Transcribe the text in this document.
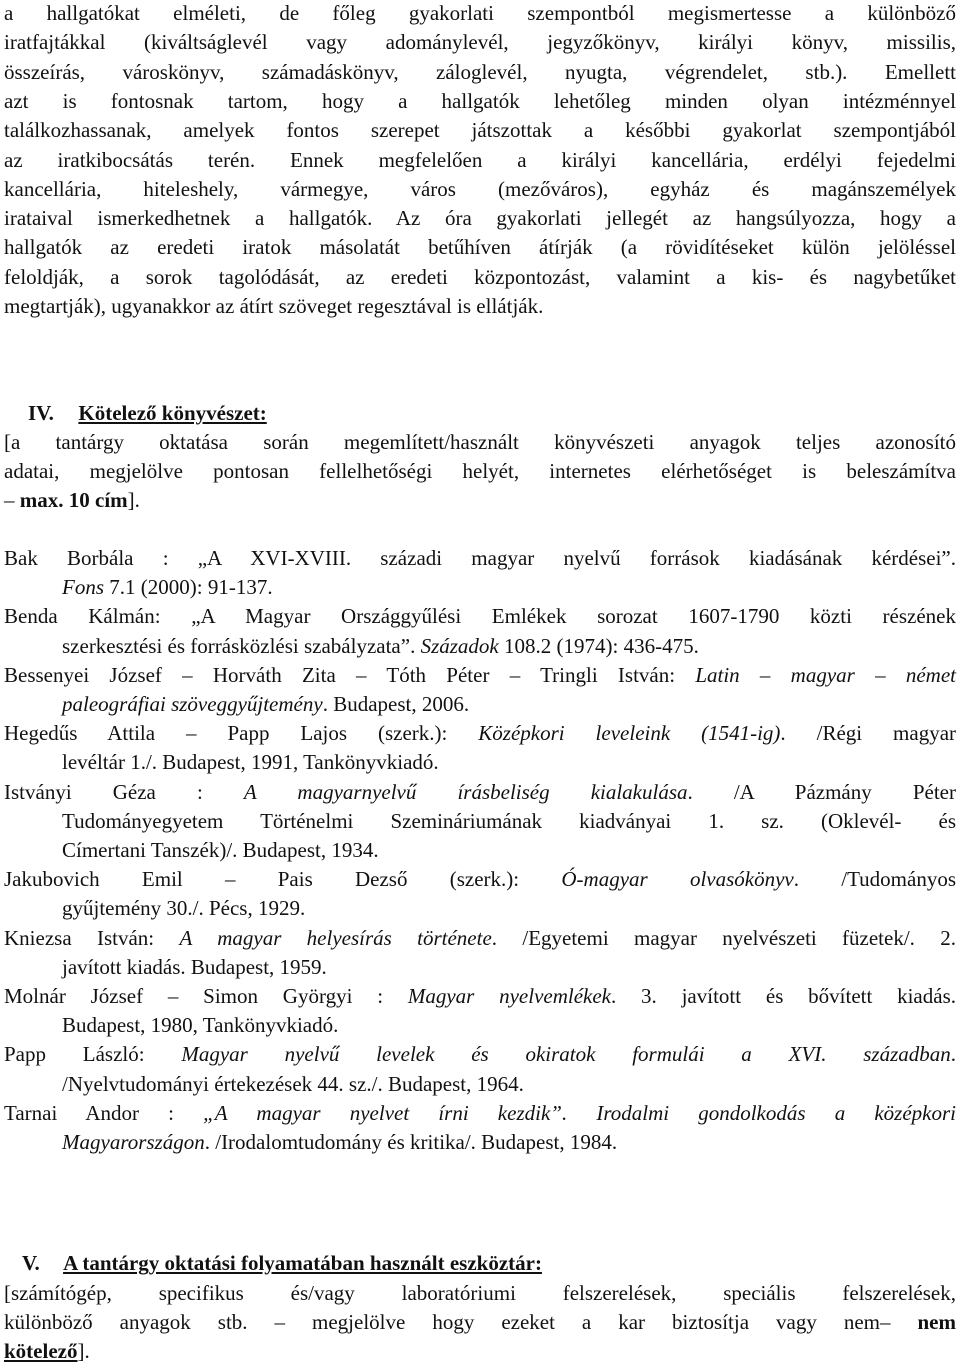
a hallgatókat elméleti, de főleg gyakorlati szempontból megismertesse a különböző
iratfajtákkal (kiváltságlevél vagy adománylevél, jegyzőkönyv, királyi könyv, missilis,
összeírás, városkönyv, számadáskönyv, záloglevél, nyugta, végrendelet, stb.). Emellett
azt is fontosnak tartom, hogy a hallgatók lehetőleg minden olyan intézménnyel
találkozhassanak, amelyek fontos szerepet játszottak a későbbi gyakorlat szempontjából
az iratkibocsátás terén. Ennek megfelelően a királyi kancellária, erdélyi fejedelmi
kancellária, hiteleshely, vármegye, város (mezőváros), egyház és magánszemélyek
irataival ismerkedhetnek a hallgatók. Az óra gyakorlati jellegét az hangsúlyozza, hogy a
hallgatók az eredeti iratok másolatát betűhíven átírják (a rövidítéseket külön jelöléssel
feloldják, a sorok tagolódását, az eredeti központozást, valamint a kis- és nagybetűket
megtartják), ugyanakkor az átírt szöveget regesztával is ellátják.
IV. Kötelező könyvészet:
[a tantárgy oktatása során megemlített/használt könyvészeti anyagok teljes azonosító
adatai, megjelölve pontosan fellelhetőségi helyét, internetes elérhetőséget is beleszámítva
– max. 10 cím].
Bak Borbála : „A XVI-XVIII. századi magyar nyelvű források kiadásának kérdései”.
Fons 7.1 (2000): 91-137.
Benda Kálmán: „A Magyar Országgyűlési Emlékek sorozat 1607-1790 közti részének
szerkesztési és forrásközlési szabályzata”. Századok 108.2 (1974): 436-475.
Bessenyei József – Horváth Zita – Tóth Péter – Tringli István: Latin – magyar – német
paleográfiai szöveggyűjtemény. Budapest, 2006.
Hegedűs Attila – Papp Lajos (szerk.): Középkori leveleink (1541-ig). /Régi magyar
levéltár 1./. Budapest, 1991, Tankönyvkiadó.
Istványi Géza : A magyarnyelvű írásbeliség kialakulása. /A Pázmány Péter
Tudományegyetem Történelmi Szemináriumának kiadványai 1. sz. (Oklevél- és
Címertani Tanszék)/. Budapest, 1934.
Jakubovich Emil – Pais Dezső (szerk.): Ó-magyar olvasókönyv. /Tudományos
gyűjtemény 30./. Pécs, 1929.
Kniezsa István: A magyar helyesírás története. /Egyetemi magyar nyelvészeti füzetek/. 2.
javított kiadás. Budapest, 1959.
Molnár József – Simon Györgyi : Magyar nyelvemlékek. 3. javított és bővített kiadás.
Budapest, 1980, Tankönyvkiadó.
Papp László: Magyar nyelvű levelek és okiratok formulái a XVI. században.
/Nyelvtudományi értekezések 44. sz./. Budapest, 1964.
Tarnai Andor : „A magyar nyelvet írni kezdik”. Irodalmi gondolkodás a középkori
Magyarországon. /Irodalomtudomány és kritika/. Budapest, 1984.
V. A tantárgy oktatási folyamatában használt eszköztár:
[számítógép, specifikus és/vagy laboratóriumi felszerelések, speciális felszerelések,
különböző anyagok stb. – megjelölve hogy ezeket a kar biztosítja vagy nem– nem
kötelező].
